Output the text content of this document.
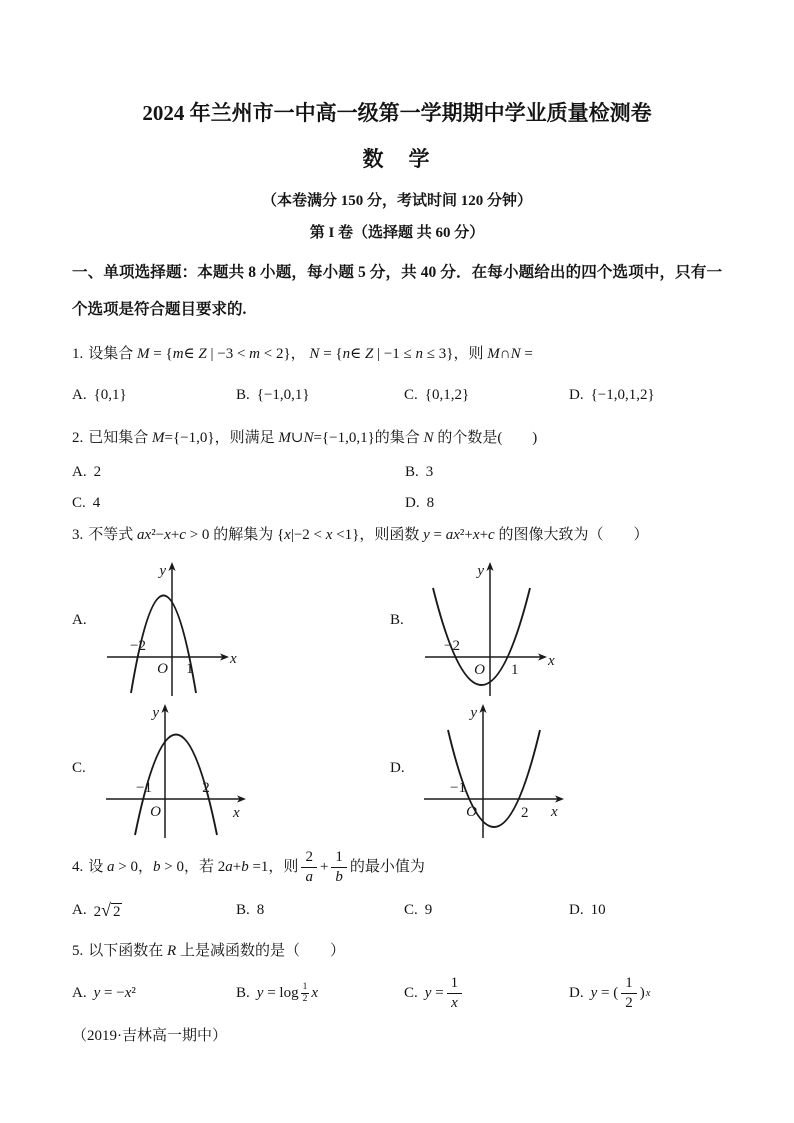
2024 年兰州市一中高一级第一学期期中学业质量检测卷
数　学
（本卷满分 150 分，考试时间 120 分钟）
第 I 卷（选择题 共 60 分）
一、单项选择题：本题共 8 小题，每小题 5 分，共 40 分．在每小题给出的四个选项中，只有一个选项是符合题目要求的.
1. 设集合 M = {m∈ Z | −3 < m < 2}， N = {n∈ Z | −1 ≤ n ≤ 3}，则 M∩N =
A. {0,1}	B. {−1,0,1}	C. {0,1,2}	D. {−1,0,1,2}
2. 已知集合 M={−1,0}，则满足 M∪N={−1,0,1}的集合 N 的个数是(　　)
A. 2	B. 3
C. 4	D. 8
3. 不等式 ax²−x+c > 0 的解集为 {x|−2 < x <1}，则函数 y = ax²+x+c 的图像大致为（　　）
A.
y
x
O
−2
1
B.
y
x
O
−2
1
C.
y
x
O
−1	2
D.
y
x
O
−1
2
4. 设 a > 0，b > 0，若 2a+b =1，则 $\frac{2}{a} + \frac{1}{b}$ 的最小值为
A. 2√ 2	B. 8	C. 9	D. 10
5. 以下函数在 R 上是减函数的是（　　）
A. y = −x²	B. $y = \log \frac{1}{2}$ x	C. $y = \frac{1}{x}$	D. y = ( $\frac{1}{2}$ ) x
（2019·吉林高一期中）
